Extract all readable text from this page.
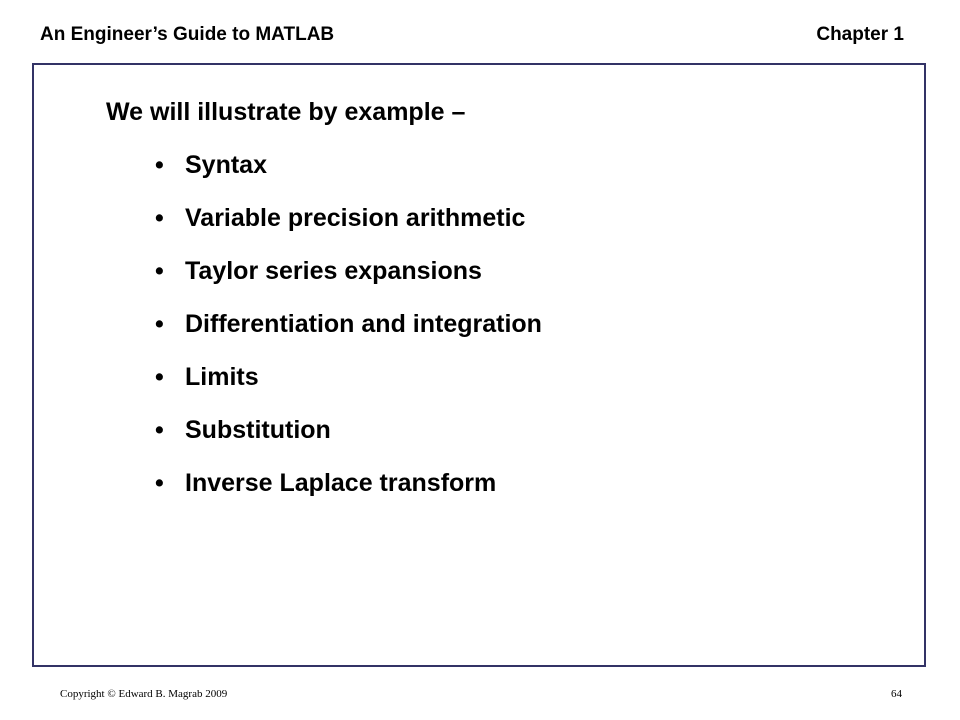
An Engineer’s Guide to MATLAB	Chapter 1
We will illustrate by example –
• Syntax
• Variable precision arithmetic
• Taylor series expansions
• Differentiation and integration
• Limits
• Substitution
• Inverse Laplace transform
Copyright © Edward B. Magrab 2009	64
